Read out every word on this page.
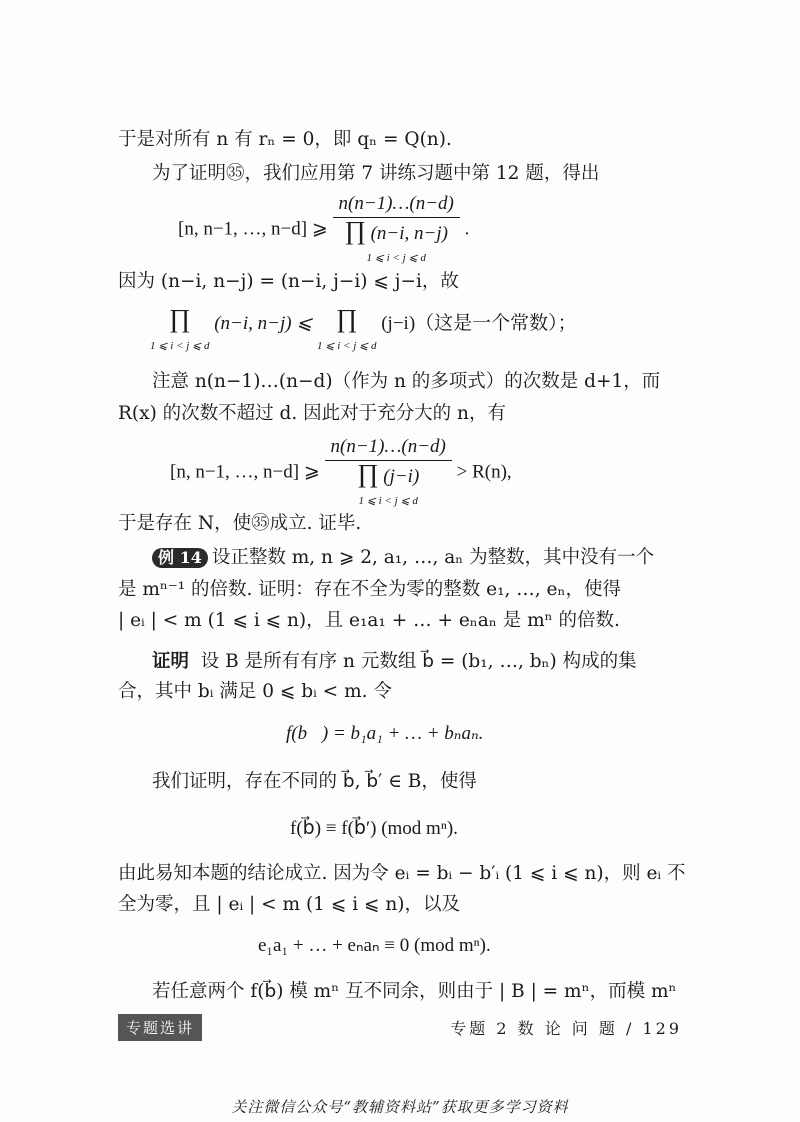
于是对所有 n 有 rₙ = 0，即 qₙ = Q(n).
为了证明㉟，我们应用第 7 讲练习题中第 12 题，得出
[n, n−1, …, n−d] ⩾
n(n−1)…(n−d)
∏ (n−i, n−j)
1 ⩽ i < j ⩽ d
.
因为 (n−i, n−j) = (n−i, j−i) ⩽ j−i，故
∏
1 ⩽ i < j ⩽ d (n−i, n−j) ⩽ ∏
1 ⩽ i < j ⩽ d (j−i)（这是一个常数）；
注意 n(n−1)…(n−d)（作为 n 的多项式）的次数是 d+1，而
R(x) 的次数不超过 d. 因此对于充分大的 n，有
[n, n−1, …, n−d] ⩾
n(n−1)…(n−d)
∏ (j−i)
1 ⩽ i < j ⩽ d
> R(n),
于是存在 N，使㉟成立. 证毕.
例 14 设正整数 m, n ⩾ 2, a₁, …, aₙ 为整数，其中没有一个
是 mⁿ⁻¹ 的倍数. 证明：存在不全为零的整数 e₁, …, eₙ，使得
| eᵢ | < m (1 ⩽ i ⩽ n)，且 e₁a₁ + … + eₙaₙ 是 mⁿ 的倍数.
证明 设 B 是所有有序 n 元数组 b⃗ = (b₁, …, bₙ) 构成的集
合，其中 bᵢ 满足 0 ⩽ bᵢ < m. 令
f(b⃗) = b₁a₁ + … + bₙaₙ.
我们证明，存在不同的 b⃗, b⃗′ ∈ B，使得
f(b⃗) ≡ f(b⃗′) (mod mⁿ).
由此易知本题的结论成立. 因为令 eᵢ = bᵢ − b′ᵢ (1 ⩽ i ⩽ n)，则 eᵢ 不
全为零，且 | eᵢ | < m (1 ⩽ i ⩽ n)，以及
e₁a₁ + … + eₙaₙ ≡ 0 (mod mⁿ).
若任意两个 f(b⃗) 模 mⁿ 互不同余，则由于 | B | = mⁿ，而模 mⁿ
专题选讲	专题 2 数 论 问 题 / 129
关注微信公众号“教辅资料站”获取更多学习资料
